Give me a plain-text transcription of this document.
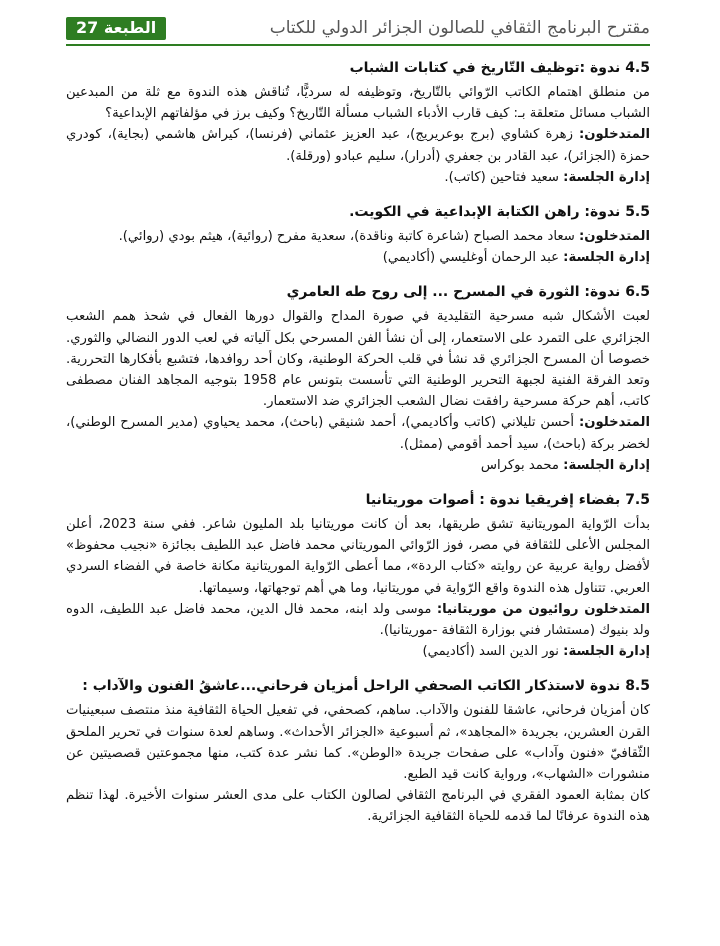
مقترح البرنامج الثقافي للصالون الجزائر الدولي للكتاب
الطبعة 27
4.5 ندوة :توظيف التّاريخ في كتابات الشباب

من منطلق اهتمام الكاتب الرّوائي بالتّاريخ، وتوظيفه له سرديًّا، تُناقش هذه الندوة مع ثلة من المبدعين الشباب مسائل متعلقة بـ: كيف قارب الأدباء الشباب مسألة التّاريخ؟ وكيف برز في مؤلفاتهم الإبداعية؟

المتدخلون: زهرة كشاوي (برج بوعريريج)، عبد العزيز عثماني (فرنسا)، كيراش هاشمي (بجاية)، كودري حمزة (الجزائر)، عبد القادر بن جعفري (أدرار)، سليم عبادو (ورقلة).

إدارة الجلسة: سعيد فتاحين (كاتب).

5.5 ندوة: راهن الكتابة الإبداعية في الكويت.

المتدخلون: سعاد محمد الصباح (شاعرة كاتبة وناقدة)، سعدية مفرح (روائية)، هيثم بودي (روائي).

إدارة الجلسة: عبد الرحمان أوغليسي (أكاديمي)

6.5 ندوة: الثورة في المسرح ... إلى روح طه العامري

لعبت الأشكال شبه مسرحية التقليدية في صورة المداح والقوال دورها الفعال في شحذ همم الشعب الجزائري على التمرد على الاستعمار، إلى أن نشأ الفن المسرحي بكل آلياته في لعب الدور النضالي والثوري. خصوصا أن المسرح الجزائري قد نشأ في قلب الحركة الوطنية، وكان أحد روافدها، فتشبع بأفكارها التحررية. وتعد الفرقة الفنية لجبهة التحرير الوطنية التي تأسست بتونس عام 1958 بتوجيه المجاهد الفنان مصطفى كاتب، أهم حركة مسرحية رافقت نضال الشعب الجزائري ضد الاستعمار.

المتدخلون: أحسن تليلاني (كاتب وأكاديمي)، أحمد شنيقي (باحث)، محمد يحياوي (مدير المسرح الوطني)، لخضر بركة (باحث)، سيد أحمد أقومي (ممثل).

إدارة الجلسة: محمد بوكراس

7.5 بفضاء إفريقيا ندوة : أصوات موريتانيا

بدأت الرّواية الموريتانية تشق طريقها، بعد أن كانت موريتانيا بلد المليون شاعر. ففي سنة 2023، أعلن المجلس الأعلى للثقافة في مصر، فوز الرّوائي الموريتاني محمد فاضل عبد اللطيف بجائزة «نجيب محفوظ» لأفضل رواية عربية عن روايته «كتاب الردة»، مما أعطى الرّواية الموريتانية مكانة خاصة في الفضاء السردي العربي. تتناول هذه الندوة واقع الرّواية في موريتانيا، وما هي أهم توجهاتها، وسيماتها.

المتدخلون روائيون من موريتانيا: موسى ولد ابنه، محمد فال الدين، محمد فاضل عبد اللطيف، الدوه ولد بنيوك (مستشار فني بوزارة الثقافة -موريتانيا).

إدارة الجلسة: نور الدين السد (أكاديمي)

8.5 ندوة لاستذكار الكاتب الصحفي الراحل أمزيان فرحاني...عاشقُ الفنون والآداب :

كان أمزيان فرحاني، عاشقا للفنون والآداب. ساهم، كصحفي، في تفعيل الحياة الثقافية منذ منتصف سبعينيات القرن العشرين، بجريدة «المجاهد»، ثم أسبوعية «الجزائر الأحداث». وساهم لعدة سنوات في تحرير الملحق الثّقافيّ «فنون وآداب» على صفحات جريدة «الوطن». كما نشر عدة كتب، منها مجموعتين قصصيتين عن منشورات «الشهاب»، ورواية كانت قيد الطبع.

كان بمثابة العمود الفقري في البرنامج الثقافي لصالون الكتاب على مدى العشر سنوات الأخيرة. لهذا تنظم هذه الندوة عرفانًا لما قدمه للحياة الثقافية الجزائرية.
